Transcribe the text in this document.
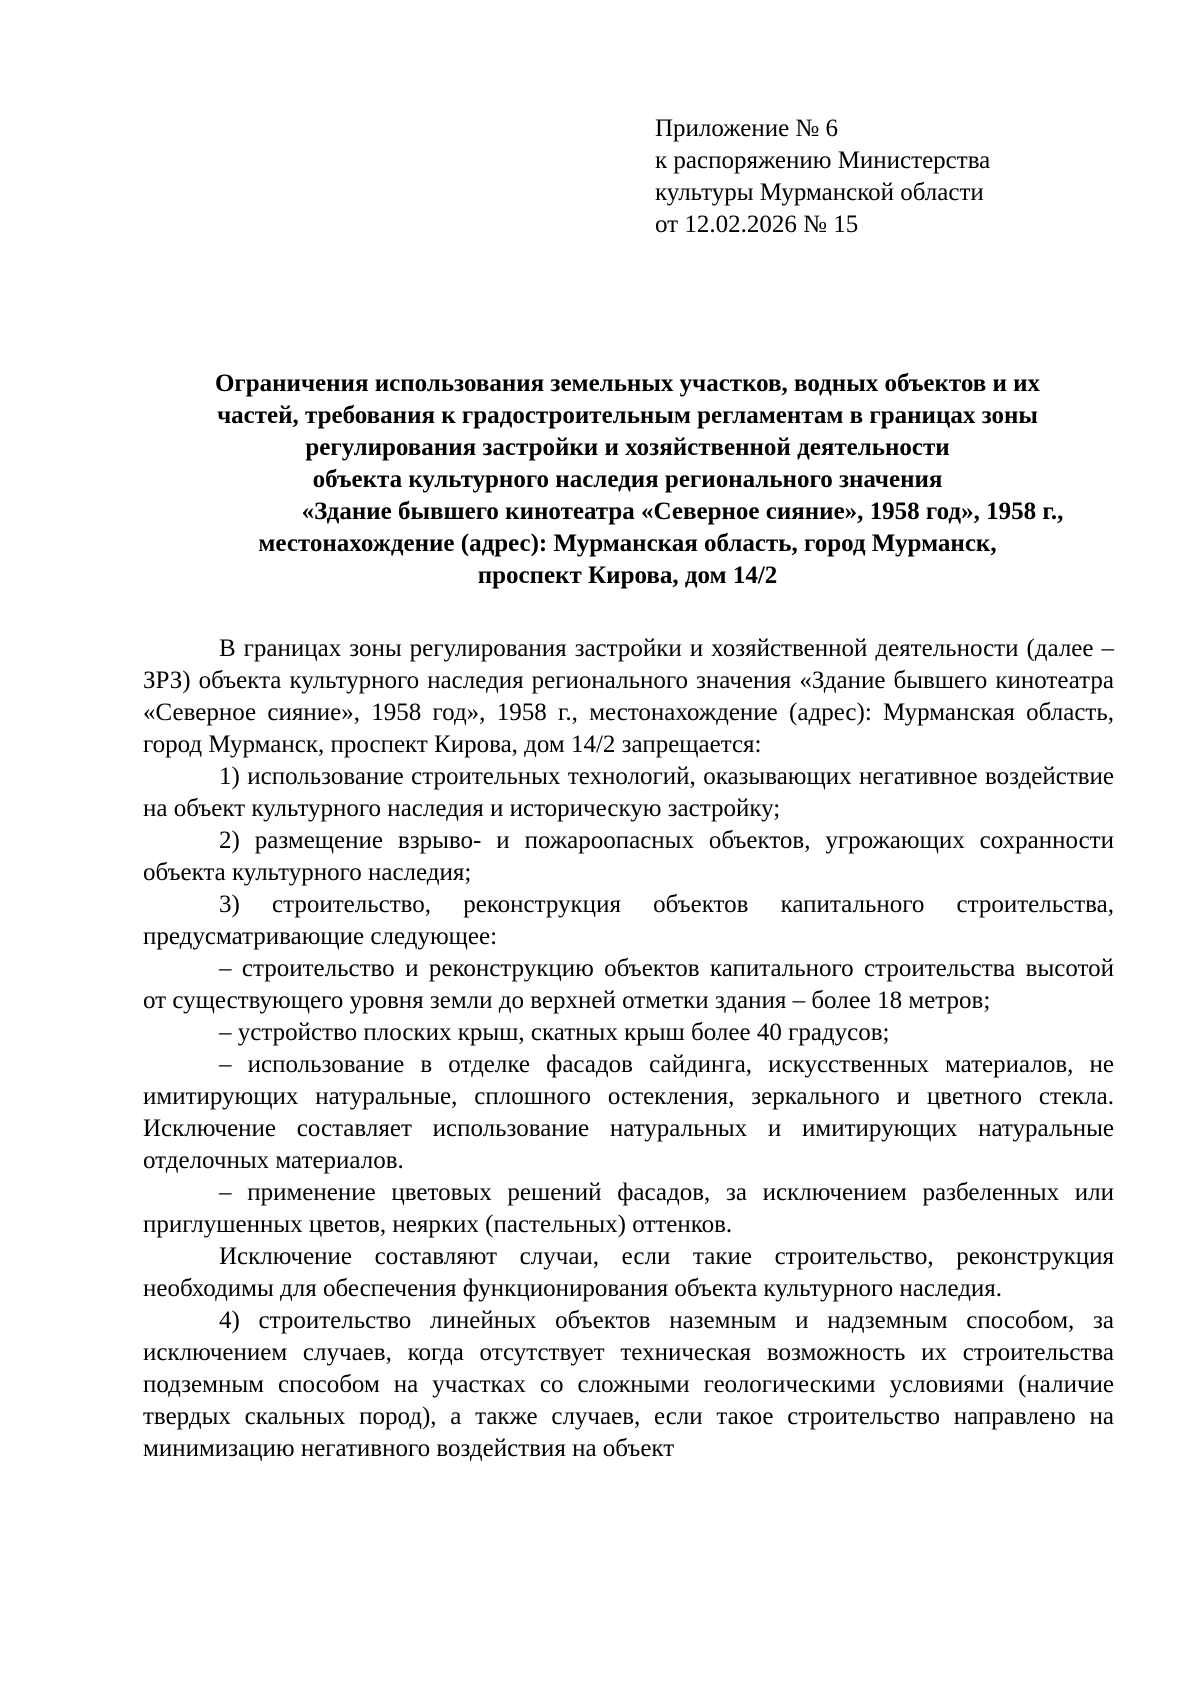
Приложение № 6
к распоряжению Министерства
культуры Мурманской области
от 12.02.2026 № 15
Ограничения использования земельных участков, водных объектов и их
частей, требования к градостроительным регламентам в границах зоны
регулирования застройки и хозяйственной деятельности
объекта культурного наследия регионального значения
«Здание бывшего кинотеатра «Северное сияние», 1958 год», 1958 г.,
местонахождение (адрес): Мурманская область, город Мурманск,
проспект Кирова, дом 14/2

В границах зоны регулирования застройки и хозяйственной деятельности (далее – ЗРЗ) объекта культурного наследия регионального значения «Здание бывшего кинотеатра «Северное сияние», 1958 год», 1958 г., местонахождение (адрес): Мурманская область, город Мурманск, проспект Кирова, дом 14/2 запрещается:

1) использование строительных технологий, оказывающих негативное воздействие на объект культурного наследия и историческую застройку;

2) размещение взрыво- и пожароопасных объектов, угрожающих сохранности объекта культурного наследия;

3) строительство, реконструкция объектов капитального строительства, предусматривающие следующее:

– строительство и реконструкцию объектов капитального строительства высотой от существующего уровня земли до верхней отметки здания – более 18 метров;

– устройство плоских крыш, скатных крыш более 40 градусов;

– использование в отделке фасадов сайдинга, искусственных материалов, не имитирующих натуральные, сплошного остекления, зеркального и цветного стекла. Исключение составляет использование натуральных и имитирующих натуральные отделочных материалов.

– применение цветовых решений фасадов, за исключением разбеленных или приглушенных цветов, неярких (пастельных) оттенков.

Исключение составляют случаи, если такие строительство, реконструкция необходимы для обеспечения функционирования объекта культурного наследия.

4) строительство линейных объектов наземным и надземным способом, за исключением случаев, когда отсутствует техническая возможность их строительства подземным способом на участках со сложными геологическими условиями (наличие твердых скальных пород), а также случаев, если такое строительство направлено на минимизацию негативного воздействия на объект
